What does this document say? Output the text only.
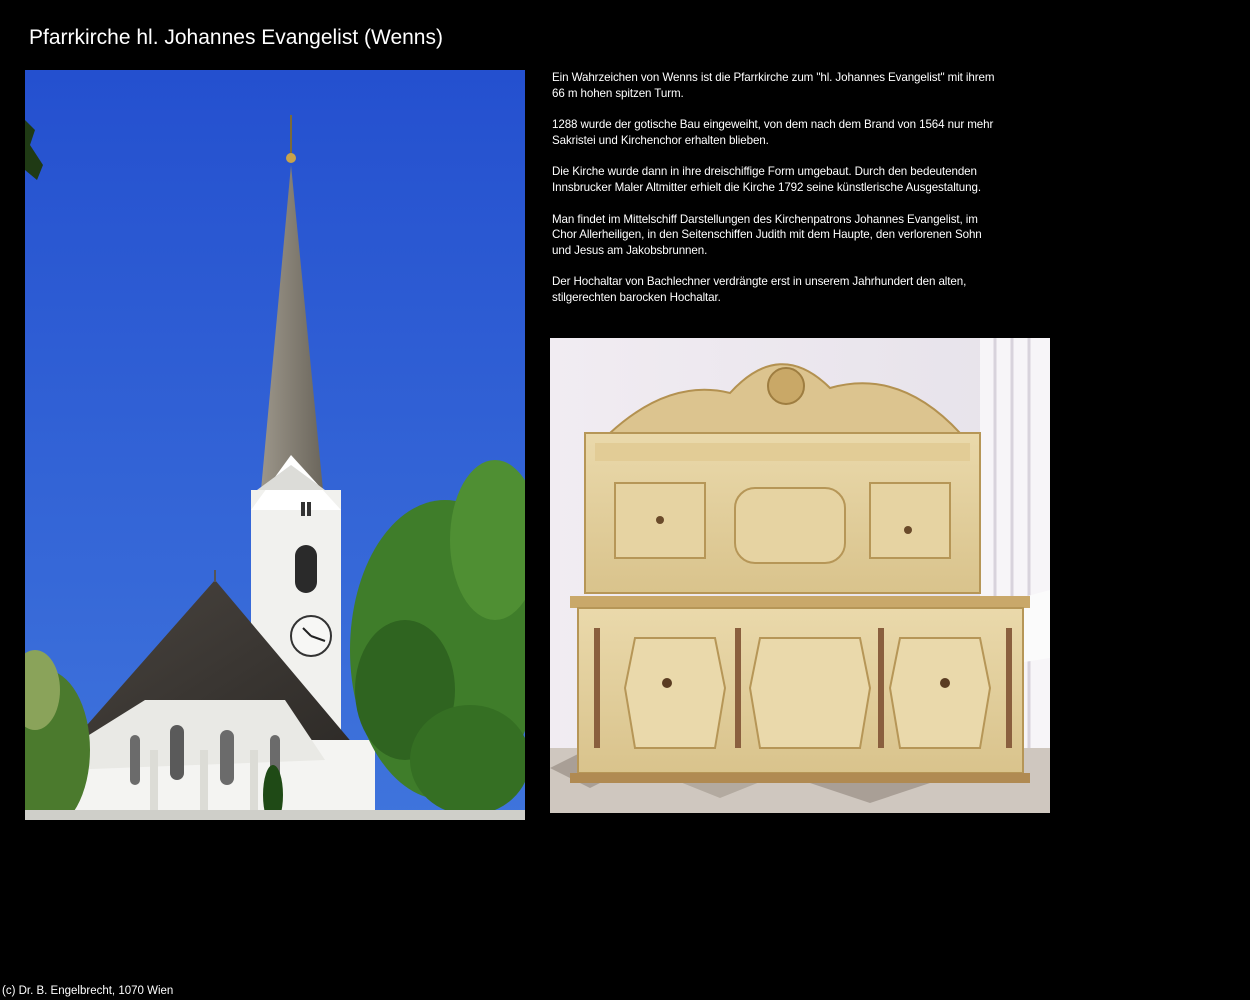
Pfarrkirche hl. Johannes Evangelist (Wenns)

Ein Wahrzeichen von Wenns ist die Pfarrkirche zum "hl. Johannes Evangelist" mit ihrem 66 m hohen spitzen Turm.

1288 wurde der gotische Bau eingeweiht, von dem nach dem Brand von 1564 nur mehr Sakristei und Kirchenchor erhalten blieben.

Die Kirche wurde dann in ihre dreischiffige Form umgebaut. Durch den bedeutenden Innsbrucker Maler Altmitter erhielt die Kirche 1792 seine künstlerische Ausgestaltung.

Man findet im Mittelschiff Darstellungen des Kirchenpatrons Johannes Evangelist, im Chor Allerheiligen, in den Seitenschiffen Judith mit dem Haupte, den verlorenen Sohn und Jesus am Jakobsbrunnen.

Der Hochaltar von Bachlechner verdrängte erst in unserem Jahrhundert den alten, stilgerechten barocken Hochaltar.

(c) Dr. B. Engelbrecht, 1070 Wien
